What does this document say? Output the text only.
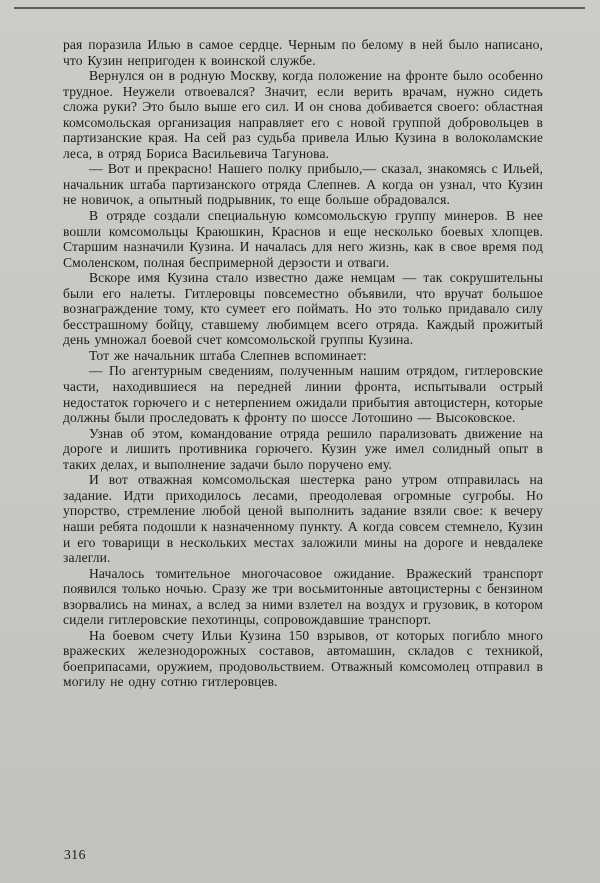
рая поразила Илью в самое сердце. Черным по белому в ней было написано, что Кузин непригоден к воинской службе.

Вернулся он в родную Москву, когда положение на фронте было особенно трудное. Неужели отвоевался? Значит, если верить врачам, нужно сидеть сложа руки? Это было выше его сил. И он снова добивается своего: областная комсомольская организация направляет его с новой группой добровольцев в партизанские края. На сей раз судьба привела Илью Кузина в волоколамские леса, в отряд Бориса Васильевича Тагунова.

— Вот и прекрасно! Нашего полку прибыло,— сказал, знакомясь с Ильей, начальник штаба партизанского отряда Слепнев. А когда он узнал, что Кузин не новичок, а опытный подрывник, то еще больше обрадовался.

В отряде создали специальную комсомольскую группу минеров. В нее вошли комсомольцы Краюшкин, Краснов и еще несколько боевых хлопцев. Старшим назначили Кузина. И началась для него жизнь, как в свое время под Смоленском, полная беспримерной дерзости и отваги.

Вскоре имя Кузина стало известно даже немцам — так сокрушительны были его налеты. Гитлеровцы повсеместно объявили, что вручат большое вознаграждение тому, кто сумеет его поймать. Но это только придавало силу бесстрашному бойцу, ставшему любимцем всего отряда. Каждый прожитый день умножал боевой счет комсомольской группы Кузина.

Тот же начальник штаба Слепнев вспоминает:

— По агентурным сведениям, полученным нашим отрядом, гитлеровские части, находившиеся на передней линии фронта, испытывали острый недостаток горючего и с нетерпением ожидали прибытия автоцистерн, которые должны были проследовать к фронту по шоссе Лотошино — Высоковское.

Узнав об этом, командование отряда решило парализовать движение на дороге и лишить противника горючего. Кузин уже имел солидный опыт в таких делах, и выполнение задачи было поручено ему.

И вот отважная комсомольская шестерка рано утром отправилась на задание. Идти приходилось лесами, преодолевая огромные сугробы. Но упорство, стремление любой ценой выполнить задание взяли свое: к вечеру наши ребята подошли к назначенному пункту. А когда совсем стемнело, Кузин и его товарищи в нескольких местах заложили мины на дороге и невдалеке залегли.

Началось томительное многочасовое ожидание. Вражеский транспорт появился только ночью. Сразу же три восьмитонные автоцистерны с бензином взорвались на минах, а вслед за ними взлетел на воздух и грузовик, в котором сидели гитлеровские пехотинцы, сопровождавшие транспорт.

На боевом счету Ильи Кузина 150 взрывов, от которых погибло много вражеских железнодорожных составов, автомашин, складов с техникой, боеприпасами, оружием, продовольствием. Отважный комсомолец отправил в могилу не одну сотню гитлеровцев.

316
